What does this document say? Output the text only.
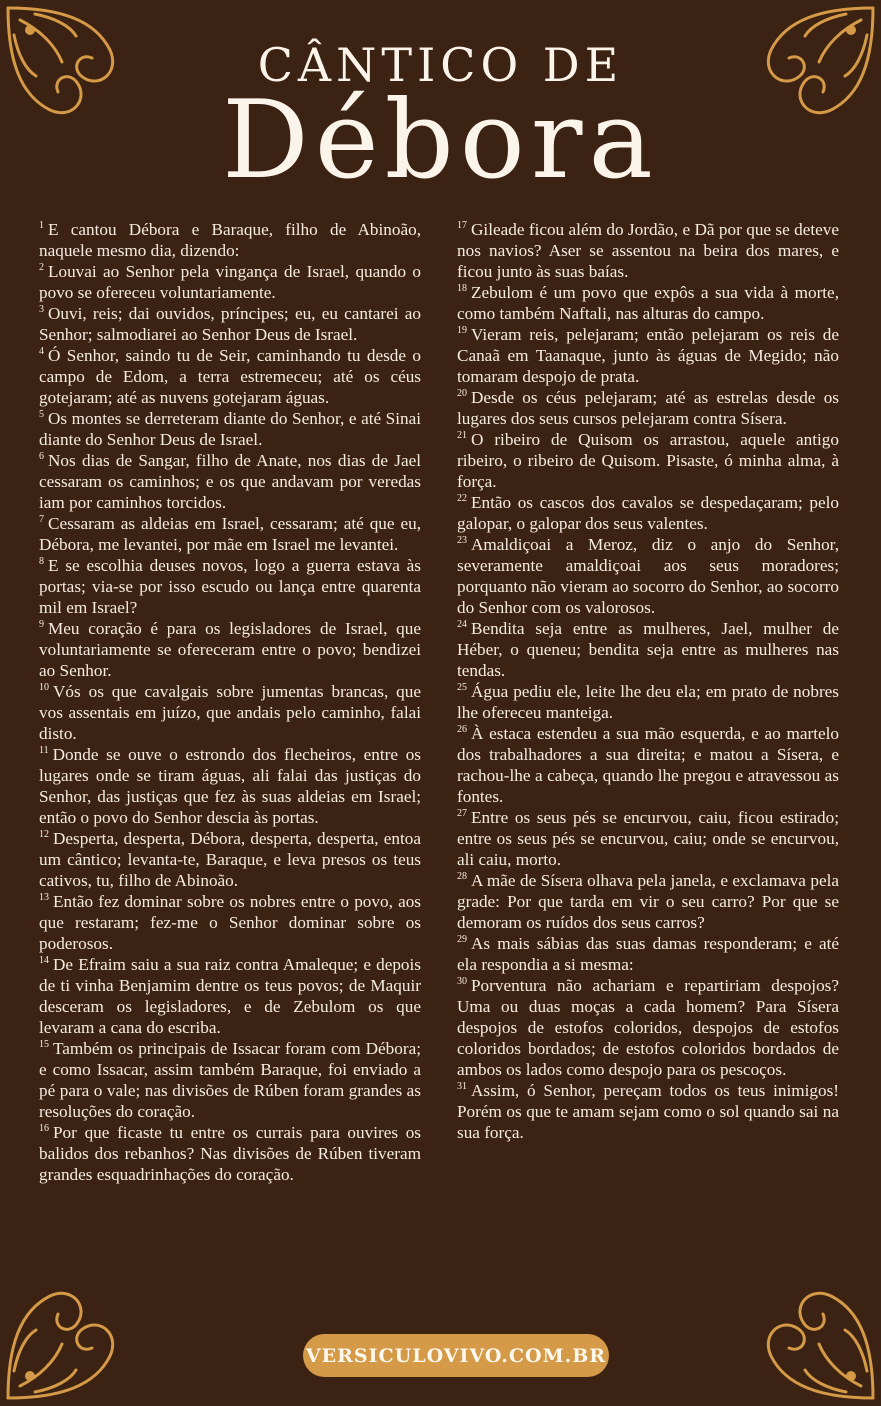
CÂNTICO DE
Débora

$^1$ E cantou Débora e Baraque, filho de Abinoão, naquele mesmo dia, dizendo:

$^2$ Louvai ao Senhor pela vingança de Israel, quando o povo se ofereceu voluntariamente.

$^3$ Ouvi, reis; dai ouvidos, príncipes; eu, eu cantarei ao Senhor; salmodiarei ao Senhor Deus de Israel.

$^4$ Ó Senhor, saindo tu de Seir, caminhando tu desde o campo de Edom, a terra estremeceu; até os céus gotejaram; até as nuvens gotejaram águas.

$^5$ Os montes se derreteram diante do Senhor, e até Sinai diante do Senhor Deus de Israel.

$^6$ Nos dias de Sangar, filho de Anate, nos dias de Jael cessaram os caminhos; e os que andavam por veredas iam por caminhos torcidos.

$^7$ Cessaram as aldeias em Israel, cessaram; até que eu, Débora, me levantei, por mãe em Israel me levantei.

$^8$ E se escolhia deuses novos, logo a guerra estava às portas; via-se por isso escudo ou lança entre quarenta mil em Israel?

$^9$ Meu coração é para os legisladores de Israel, que voluntariamente se ofereceram entre o povo; bendizei ao Senhor.

$^{10}$ Vós os que cavalgais sobre jumentas brancas, que vos assentais em juízo, que andais pelo caminho, falai disto.

$^{11}$ Donde se ouve o estrondo dos flecheiros, entre os lugares onde se tiram águas, ali falai das justiças do Senhor, das justiças que fez às suas aldeias em Israel; então o povo do Senhor descia às portas.

$^{12}$ Desperta, desperta, Débora, desperta, desperta, entoa um cântico; levanta-te, Baraque, e leva presos os teus cativos, tu, filho de Abinoão.

$^{13}$ Então fez dominar sobre os nobres entre o povo, aos que restaram; fez-me o Senhor dominar sobre os poderosos.

$^{14}$ De Efraim saiu a sua raiz contra Amaleque; e depois de ti vinha Benjamim dentre os teus povos; de Maquir desceram os legisladores, e de Zebulom os que levaram a cana do escriba.

$^{15}$ Também os principais de Issacar foram com Débora; e como Issacar, assim também Baraque, foi enviado a pé para o vale; nas divisões de Rúben foram grandes as resoluções do coração.

$^{16}$ Por que ficaste tu entre os currais para ouvires os balidos dos rebanhos? Nas divisões de Rúben tiveram grandes esquadrinhações do coração.

$^{17}$ Gileade ficou além do Jordão, e Dã por que se deteve nos navios? Aser se assentou na beira dos mares, e ficou junto às suas baías.

$^{18}$ Zebulom é um povo que expôs a sua vida à morte, como também Naftali, nas alturas do campo.

$^{19}$ Vieram reis, pelejaram; então pelejaram os reis de Canaã em Taanaque, junto às águas de Megido; não tomaram despojo de prata.

$^{20}$ Desde os céus pelejaram; até as estrelas desde os lugares dos seus cursos pelejaram contra Sísera.

$^{21}$ O ribeiro de Quisom os arrastou, aquele antigo ribeiro, o ribeiro de Quisom. Pisaste, ó minha alma, à força.

$^{22}$ Então os cascos dos cavalos se despedaçaram; pelo galopar, o galopar dos seus valentes.

$^{23}$ Amaldiçoai a Meroz, diz o anjo do Senhor, severamente amaldiçoai aos seus moradores; porquanto não vieram ao socorro do Senhor, ao socorro do Senhor com os valorosos.

$^{24}$ Bendita seja entre as mulheres, Jael, mulher de Héber, o queneu; bendita seja entre as mulheres nas tendas.

$^{25}$ Água pediu ele, leite lhe deu ela; em prato de nobres lhe ofereceu manteiga.

$^{26}$ À estaca estendeu a sua mão esquerda, e ao martelo dos trabalhadores a sua direita; e matou a Sísera, e rachou-lhe a cabeça, quando lhe pregou e atravessou as fontes.

$^{27}$ Entre os seus pés se encurvou, caiu, ficou estirado; entre os seus pés se encurvou, caiu; onde se encurvou, ali caiu, morto.

$^{28}$ A mãe de Sísera olhava pela janela, e exclamava pela grade: Por que tarda em vir o seu carro? Por que se demoram os ruídos dos seus carros?

$^{29}$ As mais sábias das suas damas responderam; e até ela respondia a si mesma:

$^{30}$ Porventura não achariam e repartiriam despojos? Uma ou duas moças a cada homem? Para Sísera despojos de estofos coloridos, despojos de estofos coloridos bordados; de estofos coloridos bordados de ambos os lados como despojo para os pescoços.

$^{31}$ Assim, ó Senhor, pereçam todos os teus inimigos! Porém os que te amam sejam como o sol quando sai na sua força.

VERSICULOVIVO.COM.BR
